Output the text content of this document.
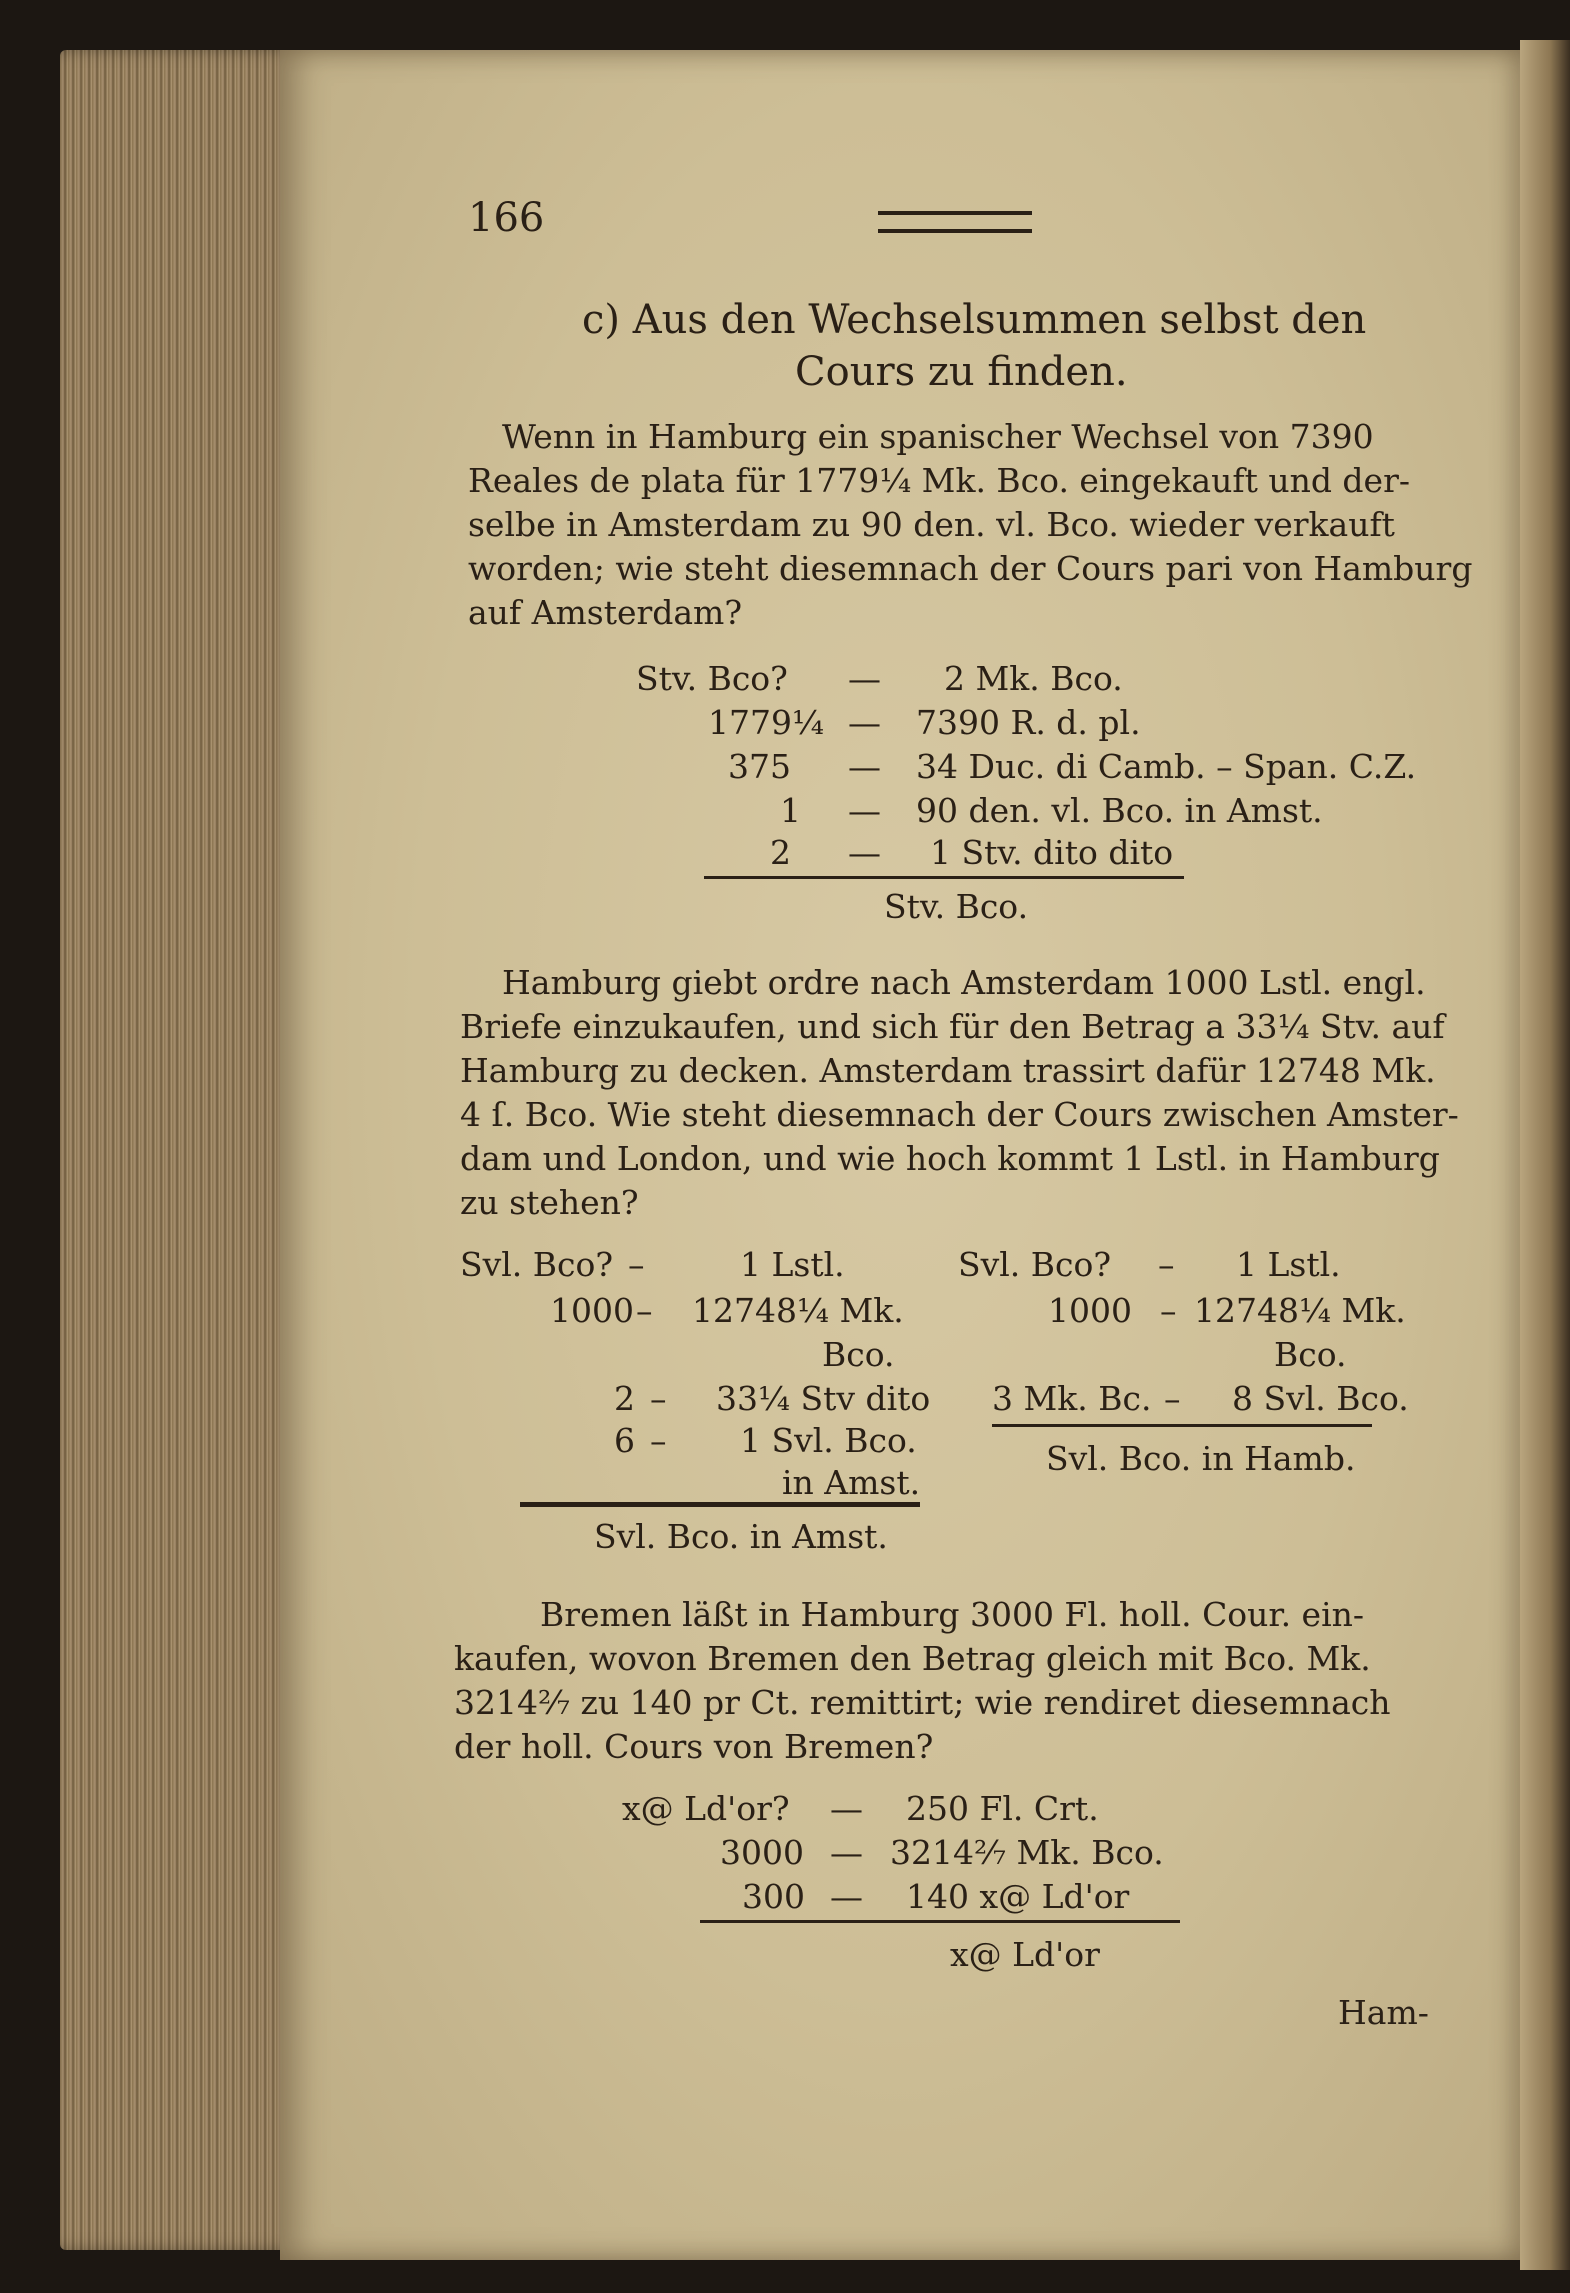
166
c) Aus den Wechselsummen selbst den
Cours zu finden.
Wenn in Hamburg ein spanischer Wechsel von 7390
Reales de plata für 1779¼ Mk. Bco. eingekauft und der-
selbe in Amsterdam zu 90 den. vl. Bco. wieder verkauft
worden; wie steht diesemnach der Cours pari von Hamburg
auf Amsterdam?
Stv. Bco? — 2 Mk. Bco.
1779¼ — 7390 R. d. pl.
375 — 34 Duc. di Camb. – Span. C.Z.
1 — 90 den. vl. Bco. in Amst.
2 — 1 Stv. dito dito
Stv. Bco.
Hamburg giebt ordre nach Amsterdam 1000 Lstl. engl.
Briefe einzukaufen, und sich für den Betrag a 33¼ Stv. auf
Hamburg zu decken. Amsterdam trassirt dafür 12748 Mk.
4 ſ. Bco. Wie steht diesemnach der Cours zwischen Amster-
dam und London, und wie hoch kommt 1 Lstl. in Hamburg
zu stehen?
Svl. Bco? –	1 Lstl.
1000 – 12748¼ Mk.
Bco.
2 – 33¼ Stv dito
6 – 1 Svl. Bco.
in Amst.
Svl. Bco. in Amst.
Svl. Bco? – 1 Lstl.
1000 – 12748¼ Mk.
Bco.
3 Mk. Bc. – 8 Svl. Bco.
Svl. Bco. in Hamb.
Bremen läßt in Hamburg 3000 Fl. holl. Cour. ein-
kaufen, wovon Bremen den Betrag gleich mit Bco. Mk.
3214²⁄₇ zu 140 pr Ct. remittirt; wie rendiret diesemnach
der holl. Cours von Bremen?
x@ Ld'or? — 250 Fl. Crt.
3000 — 3214²⁄₇ Mk. Bco.
300 — 140 x@ Ld'or
x@ Ld'or
Ham-
